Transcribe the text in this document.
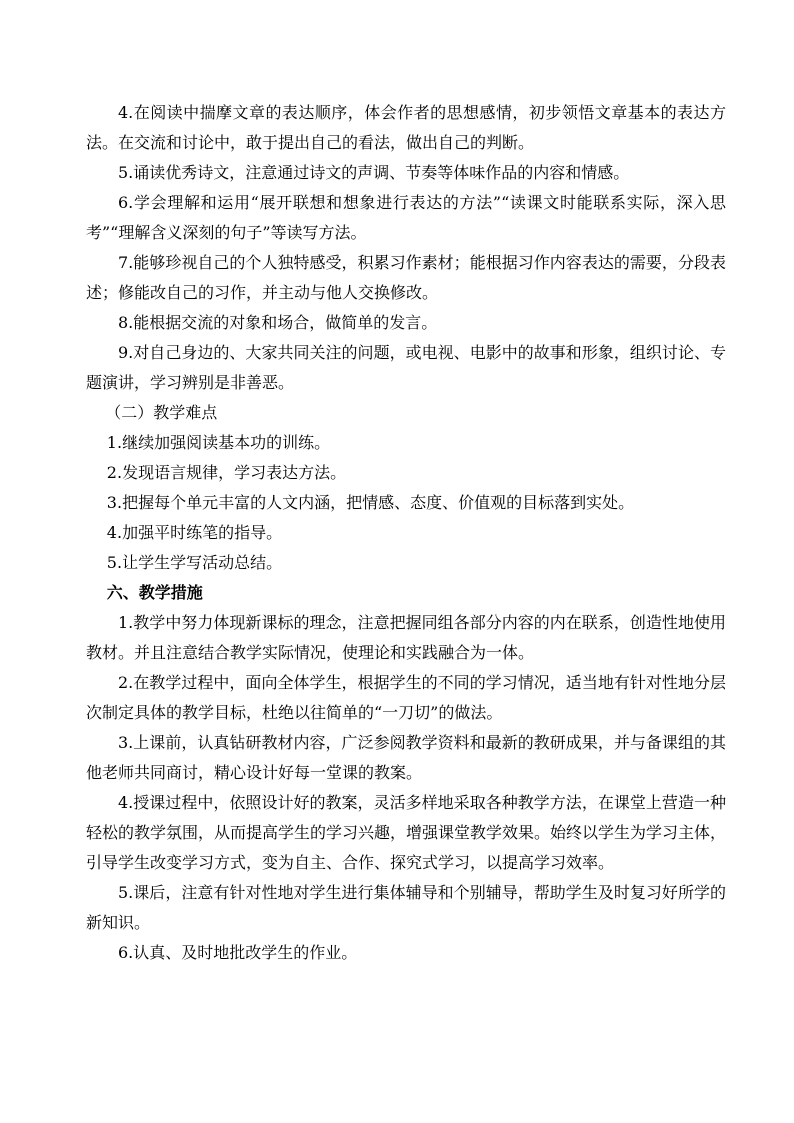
4.在阅读中揣摩文章的表达顺序，体会作者的思想感情，初步领悟文章基本的表达方法。在交流和讨论中，敢于提出自己的看法，做出自己的判断。

5.诵读优秀诗文，注意通过诗文的声调、节奏等体味作品的内容和情感。

6.学会理解和运用“展开联想和想象进行表达的方法”“读课文时能联系实际，深入思考”“理解含义深刻的句子”等读写方法。

7.能够珍视自己的个人独特感受，积累习作素材；能根据习作内容表达的需要，分段表述；修能改自己的习作，并主动与他人交换修改。

8.能根据交流的对象和场合，做简单的发言。

9.对自己身边的、大家共同关注的问题，或电视、电影中的故事和形象，组织讨论、专题演讲，学习辨别是非善恶。

（二）教学难点

1.继续加强阅读基本功的训练。

2.发现语言规律，学习表达方法。

3.把握每个单元丰富的人文内涵，把情感、态度、价值观的目标落到实处。

4.加强平时练笔的指导。

5.让学生学写活动总结。

六、教学措施

1.教学中努力体现新课标的理念，注意把握同组各部分内容的内在联系，创造性地使用教材。并且注意结合教学实际情况，使理论和实践融合为一体。

2.在教学过程中，面向全体学生，根据学生的不同的学习情况，适当地有针对性地分层次制定具体的教学目标，杜绝以往简单的“一刀切”的做法。

3.上课前，认真钻研教材内容，广泛参阅教学资料和最新的教研成果，并与备课组的其他老师共同商讨，精心设计好每一堂课的教案。

4.授课过程中，依照设计好的教案，灵活多样地采取各种教学方法，在课堂上营造一种轻松的教学氛围，从而提高学生的学习兴趣，增强课堂教学效果。始终以学生为学习主体，引导学生改变学习方式，变为自主、合作、探究式学习，以提高学习效率。

5.课后，注意有针对性地对学生进行集体辅导和个别辅导，帮助学生及时复习好所学的新知识。

6.认真、及时地批改学生的作业。
